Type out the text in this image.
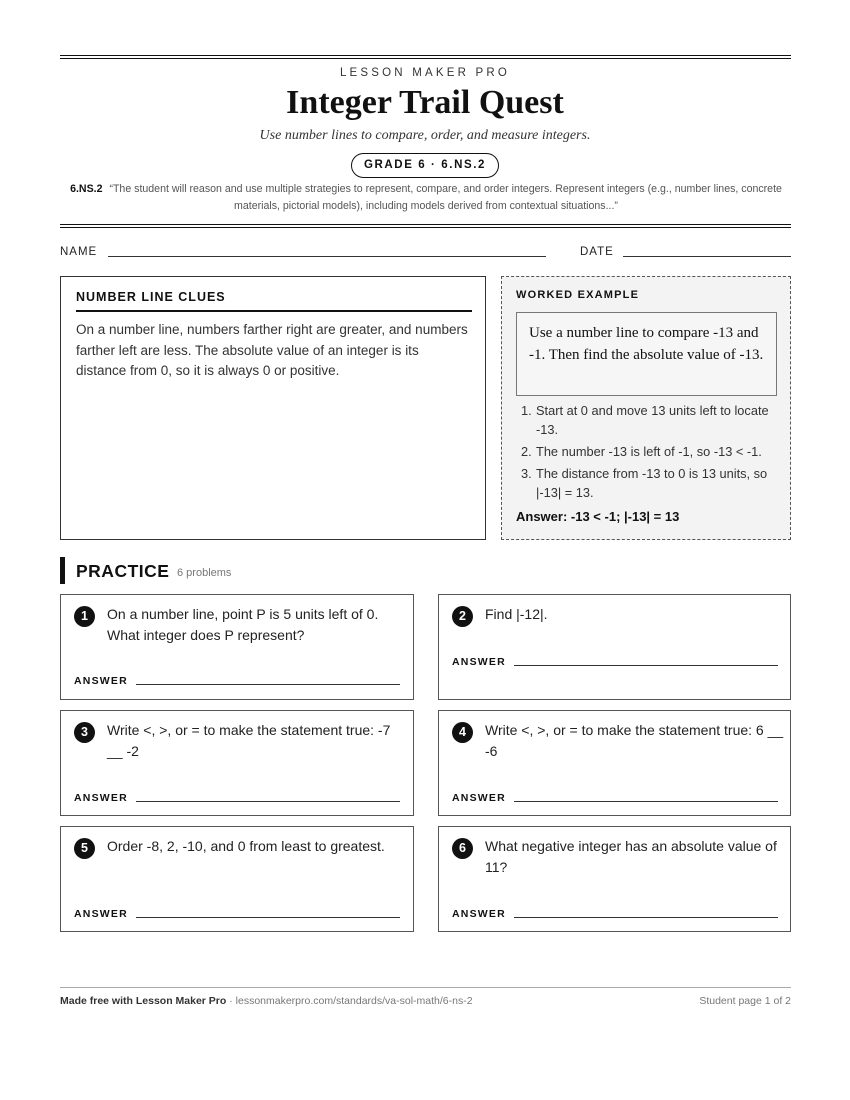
LESSON MAKER PRO
Integer Trail Quest
Use number lines to compare, order, and measure integers.
GRADE 6 · 6.NS.2
6.NS.2 “The student will reason and use multiple strategies to represent, compare, and order integers. Represent integers (e.g., number lines, concrete materials, pictorial models), including models derived from contextual situations...”
NAME	DATE
NUMBER LINE CLUES
On a number line, numbers farther right are greater, and numbers farther left are less. The absolute value of an integer is its distance from 0, so it is always 0 or positive.
WORKED EXAMPLE
Use a number line to compare -13 and -1. Then find the absolute value of -13.
1. Start at 0 and move 13 units left to locate -13.
2. The number -13 is left of -1, so -13 < -1.
3. The distance from -13 to 0 is 13 units, so |-13| = 13.
Answer: -13 < -1; |-13| = 13
PRACTICE 6 problems
1	On a number line, point P is 5 units left of 0. What integer does P represent?
ANSWER
2	Find |-12|.
ANSWER
3	Write <, >, or = to make the statement true: -7 __ -2
ANSWER
4	Write <, >, or = to make the statement true: 6 __ -6
ANSWER
5	Order -8, 2, -10, and 0 from least to greatest.
ANSWER
6	What negative integer has an absolute value of 11?
ANSWER
Made free with Lesson Maker Pro · lessonmakerpro.com/standards/va-sol-math/6-ns-2	Student page 1 of 2
